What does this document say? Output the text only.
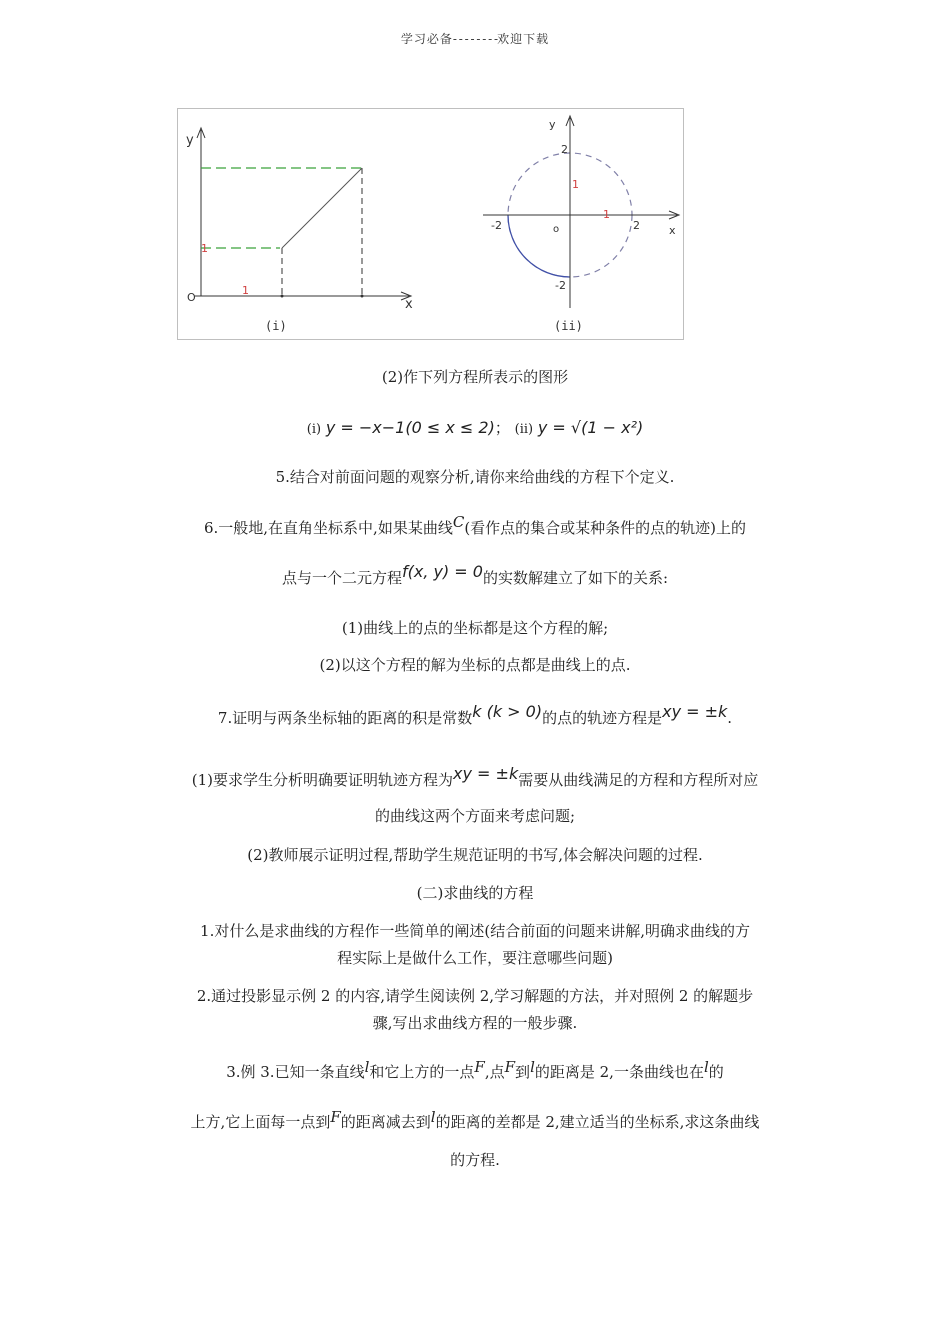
学习必备- - - - - - - -欢迎下载
y
x
O
1
1
(i)
y
x
o
2
-2
-2	2
1
1
(ii)
(2)作下列方程所表示的图形
(i) y = −x−1(0 ≤ x ≤ 2)； (ii) y = √(1 − x²)
5.结合对前面问题的观察分析,请你来给曲线的方程下个定义.
6.一般地,在直角坐标系中,如果某曲线C(看作点的集合或某种条件的点的轨迹)上的
点与一个二元方程f(x, y) = 0的实数解建立了如下的关系:
(1)曲线上的点的坐标都是这个方程的解;
(2)以这个方程的解为坐标的点都是曲线上的点.
7.证明与两条坐标轴的距离的积是常数k (k > 0)的点的轨迹方程是xy = ±k.
(1)要求学生分析明确要证明轨迹方程为xy = ±k需要从曲线满足的方程和方程所对应
的曲线这两个方面来考虑问题;
(2)教师展示证明过程,帮助学生规范证明的书写,体会解决问题的过程.
(二)求曲线的方程
1.对什么是求曲线的方程作一些简单的阐述(结合前面的问题来讲解,明确求曲线的方
程实际上是做什么工作，要注意哪些问题)
2.通过投影显示例 2 的内容,请学生阅读例 2,学习解题的方法，并对照例 2 的解题步
骤,写出求曲线方程的一般步骤.
3.例 3.已知一条直线l和它上方的一点F,点F到l的距离是 2,一条曲线也在l的
上方,它上面每一点到F的距离减去到l的距离的差都是 2,建立适当的坐标系,求这条曲线
的方程.
